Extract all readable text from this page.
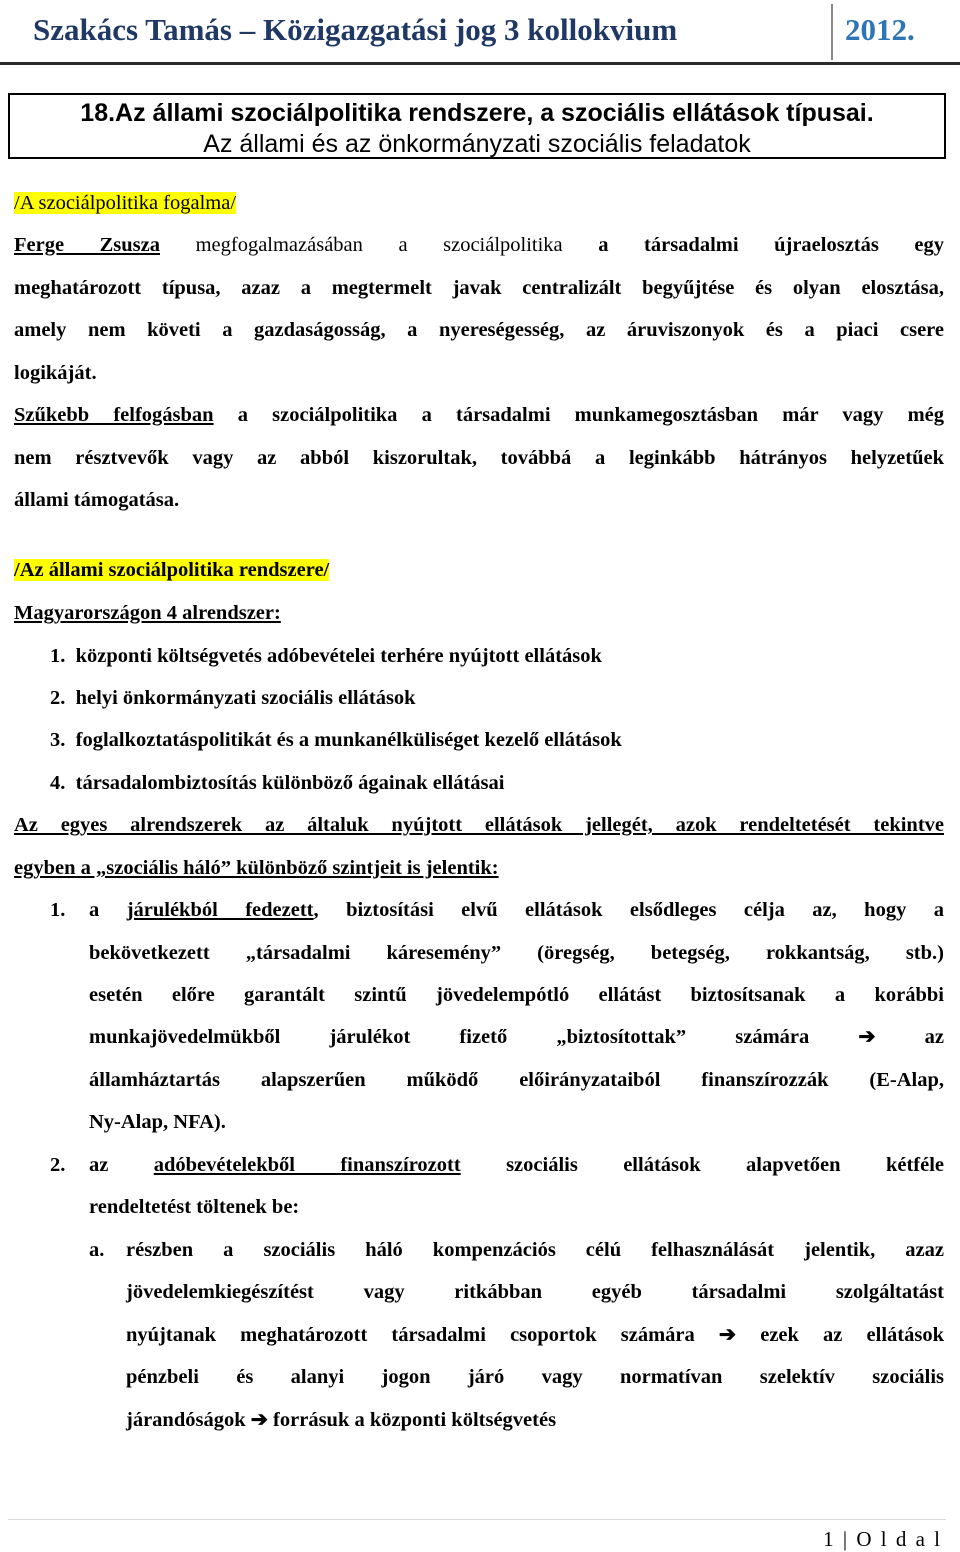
Szakács Tamás – Közigazgatási jog 3 kollokvium	2012.
18.Az állami szociálpolitika rendszere, a szociális ellátások típusai.
Az állami és az önkormányzati szociális feladatok
/A szociálpolitika fogalma/
Ferge Zsusza megfogalmazásában a szociálpolitika a társadalmi újraelosztás egy
meghatározott típusa, azaz a megtermelt javak centralizált begyűjtése és olyan elosztása,
amely nem követi a gazdaságosság, a nyereségesség, az áruviszonyok és a piaci csere
logikáját.
Szűkebb felfogásban a szociálpolitika a társadalmi munkamegosztásban már vagy még
nem résztvevők vagy az abból kiszorultak, továbbá a leginkább hátrányos helyzetűek
állami támogatása.
/Az állami szociálpolitika rendszere/
Magyarországon 4 alrendszer:
1. központi költségvetés adóbevételei terhére nyújtott ellátások
2. helyi önkormányzati szociális ellátások
3. foglalkoztatáspolitikát és a munkanélküliséget kezelő ellátások
4. társadalombiztosítás különböző ágainak ellátásai
Az egyes alrendszerek az általuk nyújtott ellátások jellegét, azok rendeltetését tekintve
egyben a „szociális háló” különböző szintjeit is jelentik:
1. a járulékból fedezett, biztosítási elvű ellátások elsődleges célja az, hogy a
bekövetkezett „társadalmi káresemény” (öregség, betegség, rokkantság, stb.)
esetén előre garantált szintű jövedelempótló ellátást biztosítsanak a korábbi
munkajövedelmükből járulékot fizető „biztosítottak” számára ➔ az
államháztartás alapszerűen működő előirányzataiból finanszírozzák (E-Alap,
Ny-Alap, NFA).
2. az adóbevételekből finanszírozott szociális ellátások alapvetően kétféle
rendeltetést töltenek be:
a. részben a szociális háló kompenzációs célú felhasználását jelentik, azaz
jövedelemkiegészítést vagy ritkábban egyéb társadalmi szolgáltatást
nyújtanak meghatározott társadalmi csoportok számára ➔ ezek az ellátások
pénzbeli és alanyi jogon járó vagy normatívan szelektív szociális
járandóságok ➔ forrásuk a központi költségvetés
1 | O l d a l
